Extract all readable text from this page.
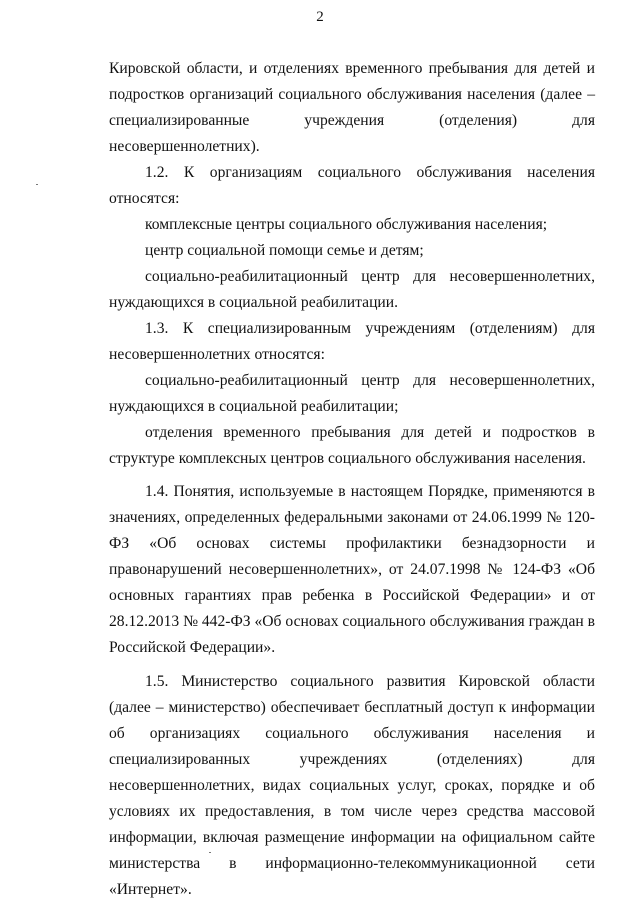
2

Кировской области, и отделениях временного пребывания для детей и подростков организаций социального обслуживания населения (далее – специализированные учреждения (отделения) для несовершеннолетних).

1.2. К организациям социального обслуживания населения относятся:

комплексные центры социального обслуживания населения;

центр социальной помощи семье и детям;

социально-реабилитационный центр для несовершеннолетних, нуждающихся в социальной реабилитации.

1.3. К специализированным учреждениям (отделениям) для несовершеннолетних относятся:

социально-реабилитационный центр для несовершеннолетних, нуждающихся в социальной реабилитации;

отделения временного пребывания для детей и подростков в структуре комплексных центров социального обслуживания населения.

1.4. Понятия, используемые в настоящем Порядке, применяются в значениях, определенных федеральными законами от 24.06.1999 № 120-ФЗ «Об основах системы профилактики безнадзорности и правонарушений несовершеннолетних», от 24.07.1998 № 124-ФЗ «Об основных гарантиях прав ребенка в Российской Федерации» и от 28.12.2013 № 442-ФЗ «Об основах социального обслуживания граждан в Российской Федерации».

1.5. Министерство социального развития Кировской области (далее – министерство) обеспечивает бесплатный доступ к информации об организациях социального обслуживания населения и специализированных учреждениях (отделениях) для несовершеннолетних, видах социальных услуг, сроках, порядке и об условиях их предоставления, в том числе через средства массовой информации, включая размещение информации на официальном сайте министерства в информационно-телекоммуникационной сети «Интернет».
